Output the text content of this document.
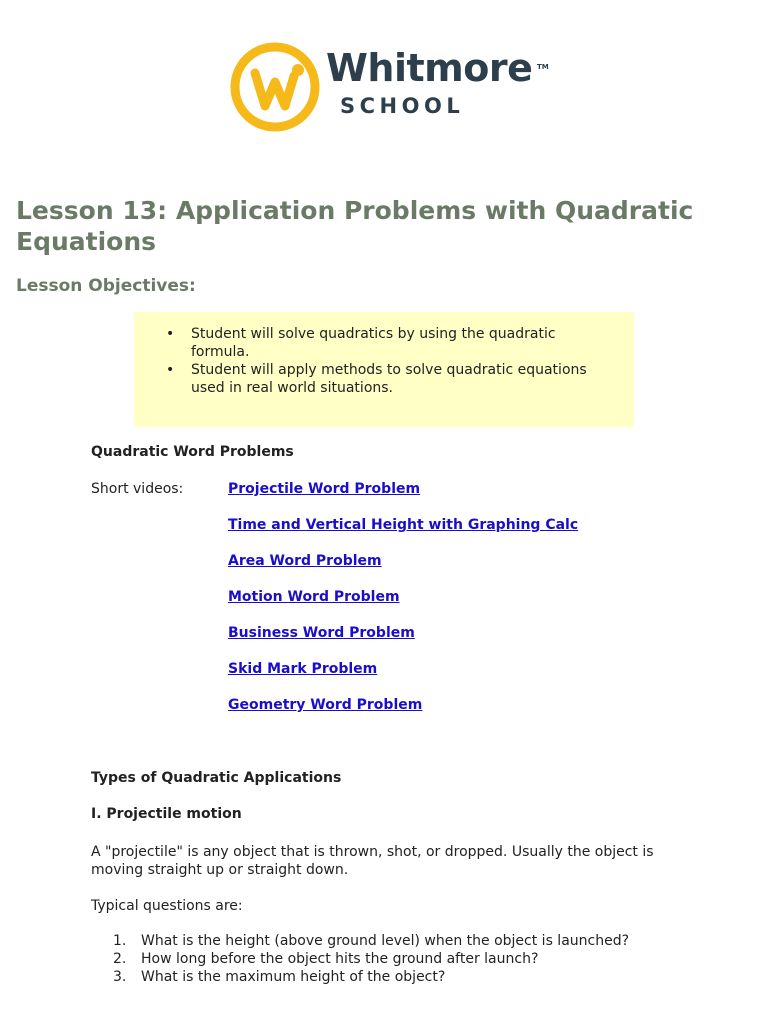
Whitmore TM
SCHOOL
Lesson 13: Application Problems with Quadratic Equations
Lesson Objectives:
• Student will solve quadratics by using the quadratic formula.
• Student will apply methods to solve quadratic equations used in real world situations.
Quadratic Word Problems
Short videos:	Projectile Word Problem
Time and Vertical Height with Graphing Calc
Area Word Problem
Motion Word Problem
Business Word Problem
Skid Mark Problem
Geometry Word Problem
Types of Quadratic Applications
I. Projectile motion

A "projectile" is any object that is thrown, shot, or dropped. Usually the object is moving straight up or straight down.

Typical questions are:

1. What is the height (above ground level) when the object is launched?
2. How long before the object hits the ground after launch?
3. What is the maximum height of the object?
